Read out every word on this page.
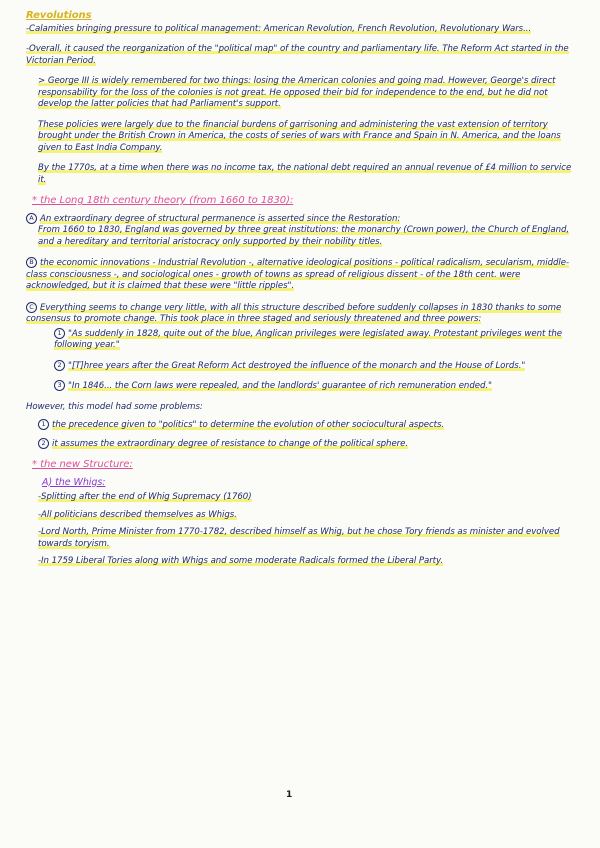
Revolutions

-Calamities bringing pressure to political management: American Revolution, French Revolution, Revolutionary Wars...

-Overall, it caused the reorganization of the "political map" of the country and parliamentary life. The Reform Act started in the Victorian Period.

> George III is widely remembered for two things: losing the American colonies and going mad. However, George's direct responsability for the loss of the colonies is not great. He opposed their bid for independence to the end, but he did not develop the latter policies that had Parliament's support.

These policies were largely due to the financial burdens of garrisoning and administering the vast extension of territory brought under the British Crown in America, the costs of series of wars with France and Spain in N. America, and the loans given to East India Company.

By the 1770s, at a time when there was no income tax, the national debt required an annual revenue of £4 million to service it.

* the Long 18th century theory (from 1660 to 1830):

A An extraordinary degree of structural permanence is asserted since the Restoration:

From 1660 to 1830, England was governed by three great institutions: the monarchy (Crown power), the Church of England, and a hereditary and territorial aristocracy only supported by their nobility titles.

B the economic innovations - Industrial Revolution -, alternative ideological positions - political radicalism, secularism, middle-class consciousness -, and sociological ones - growth of towns as spread of religious dissent - of the 18th cent. were acknowledged, but it is claimed that these were "little ripples".

C Everything seems to change very little, with all this structure described before suddenly collapses in 1830 thanks to some consensus to promote change. This took place in three staged and seriously threatened and three powers:

1 "As suddenly in 1828, quite out of the blue, Anglican privileges were legislated away. Protestant privileges went the following year."

2 "[T]hree years after the Great Reform Act destroyed the influence of the monarch and the House of Lords."

3 "In 1846... the Corn laws were repealed, and the landlords' guarantee of rich remuneration ended."

However, this model had some problems:

1 the precedence given to "politics" to determine the evolution of other sociocultural aspects.

2 it assumes the extraordinary degree of resistance to change of the political sphere.

* the new Structure:
A) the Whigs:

-Splitting after the end of Whig Supremacy (1760)

-All politicians described themselves as Whigs.

-Lord North, Prime Minister from 1770-1782, described himself as Whig, but he chose Tory friends as minister and evolved towards toryism.

-In 1759 Liberal Tories along with Whigs and some moderate Radicals formed the Liberal Party.

1
